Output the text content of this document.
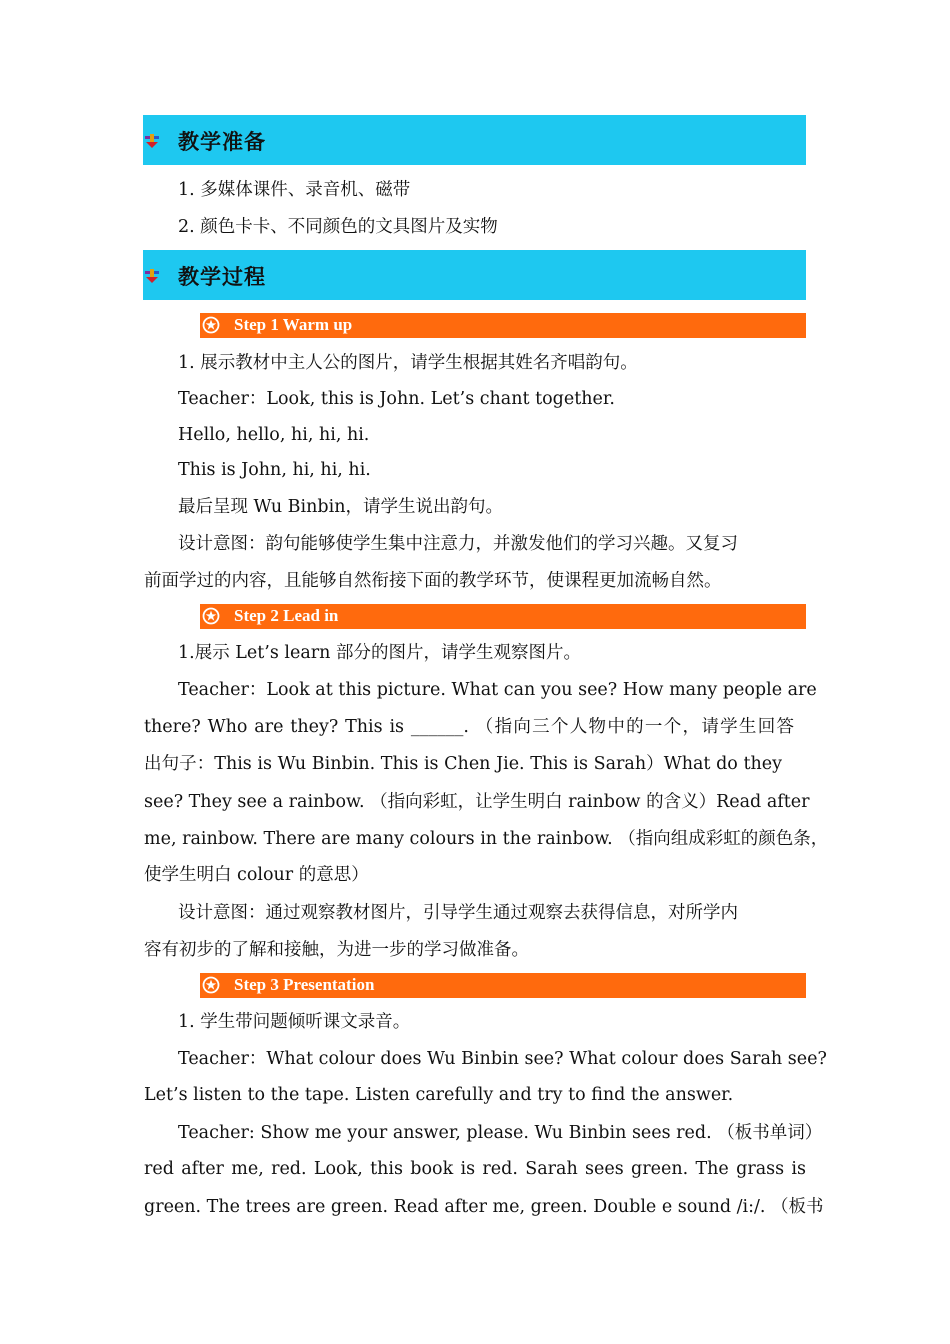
教学准备
1. 多媒体课件、录音机、磁带
2. 颜色卡卡、不同颜色的文具图片及实物
教学过程
Step 1 Warm up
1. 展示教材中主人公的图片，请学生根据其姓名齐唱韵句。
Teacher：Look, this is John. Let’s chant together.
Hello, hello, hi, hi, hi.
This is John, hi, hi, hi.
最后呈现 Wu Binbin，请学生说出韵句。
设计意图：韵句能够使学生集中注意力，并激发他们的学习兴趣。又复习
前面学过的内容，且能够自然衔接下面的教学环节，使课程更加流畅自然。
Step 2 Lead in
1.展示 Let’s learn 部分的图片，请学生观察图片。
Teacher：Look at this picture. What can you see? How many people are
there? Who are they? This is ______. （指向三个人物中的一个，请学生回答
出句子：This is Wu Binbin. This is Chen Jie. This is Sarah）What do they
see? They see a rainbow. （指向彩虹，让学生明白 rainbow 的含义）Read after
me, rainbow. There are many colours in the rainbow. （指向组成彩虹的颜色条，
使学生明白 colour 的意思）
设计意图：通过观察教材图片，引导学生通过观察去获得信息，对所学内
容有初步的了解和接触，为进一步的学习做准备。
Step 3 Presentation
1. 学生带问题倾听课文录音。
Teacher：What colour does Wu Binbin see? What colour does Sarah see?
Let’s listen to the tape. Listen carefully and try to find the answer.
Teacher: Show me your answer, please. Wu Binbin sees red. （板书单词）
red after me, red. Look, this book is red. Sarah sees green. The grass is
green. The trees are green. Read after me, green. Double e sound /i:/. （板书
